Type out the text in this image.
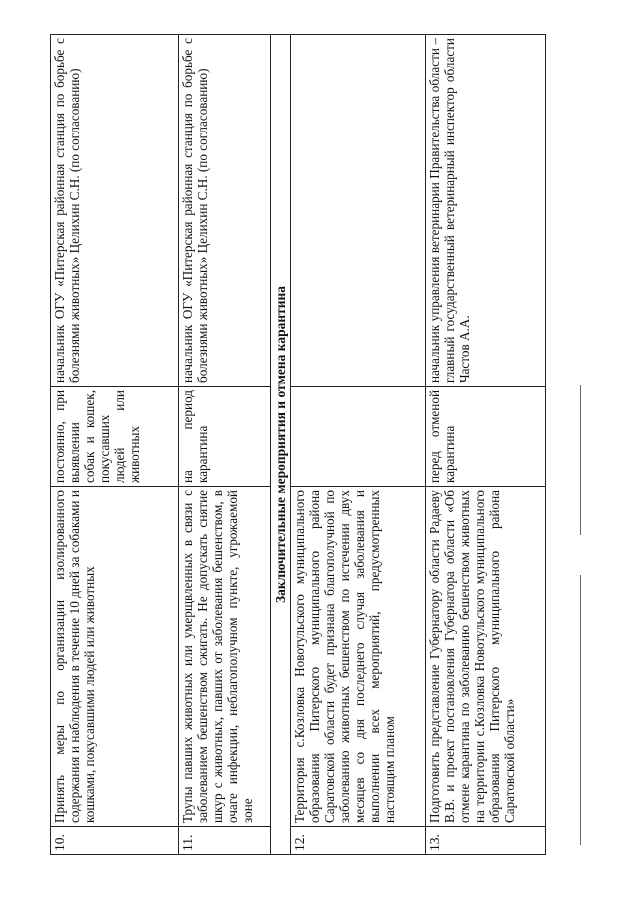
10.	Принять меры по организации изолированного содержания и наблюдения в течение 10 дней за собаками и кошками, покусавшими людей или животных	постоянно, при выявлении собак и кошек, покусавших людей или животных	начальник ОГУ «Питерская районная станция по борьбе с болезнями животных» Целихин С.Н. (по согласованию)
11.	Трупы павших животных или умерщвленных в связи с заболеванием бешенством сжигать. Не допускать снятие шкур с животных, павших от заболевания бешенством, в очаге инфекции, неблагополучном пункте, угрожаемой зоне	на период карантина	начальник ОГУ «Питерская районная станция по борьбе с болезнями животных» Целихин С.Н. (по согласованию)
Заключительные мероприятия и отмена карантина			
12.	Территория с.Козловка Новотульского муниципального образования Питерского муниципального района Саратовской области будет признана благополучной по заболеванию животных бешенством по истечении двух месяцев со дня последнего случая заболевания и выполнении всех мероприятий, предусмотренных настоящим планом		
13.	Подготовить представление Губернатору области Радаеву В.В. и проект постановления Губернатора области «Об отмене карантина по заболеванию бешенством животных на территории с.Козловка Новотульского муниципального образования Питерского муниципального района Саратовской области»	перед отменой карантина	начальник управления ветеринарии Правительства области – главный государственный ветеринарный инспектор области Частов А.А.
